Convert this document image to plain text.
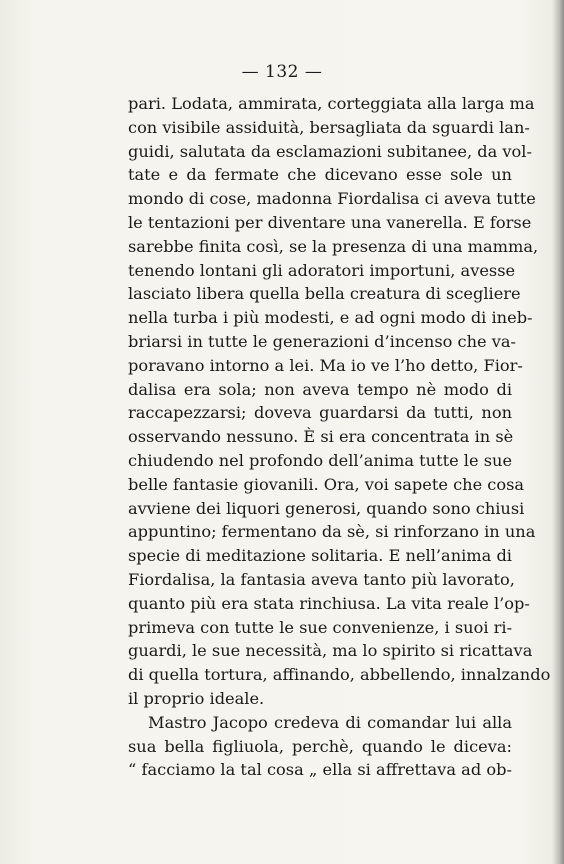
— 132 —
pari. Lodata, ammirata, corteggiata alla larga ma
con visibile assiduità, bersagliata da sguardi lan-
guidi, salutata da esclamazioni subitanee, da vol-
tate e da fermate che dicevano esse sole un
mondo di cose, madonna Fiordalisa ci aveva tutte
le tentazioni per diventare una vanerella. E forse
sarebbe finita così, se la presenza di una mamma,
tenendo lontani gli adoratori importuni, avesse
lasciato libera quella bella creatura di scegliere
nella turba i più modesti, e ad ogni modo di ineb-
briarsi in tutte le generazioni d’incenso che va-
poravano intorno a lei. Ma io ve l’ho detto, Fior-
dalisa era sola; non aveva tempo nè modo di
raccapezzarsi; doveva guardarsi da tutti, non
osservando nessuno. È si era concentrata in sè
chiudendo nel profondo dell’anima tutte le sue
belle fantasie giovanili. Ora, voi sapete che cosa
avviene dei liquori generosi, quando sono chiusi
appuntino; fermentano da sè, si rinforzano in una
specie di meditazione solitaria. E nell’anima di
Fiordalisa, la fantasia aveva tanto più lavorato,
quanto più era stata rinchiusa. La vita reale l’op-
primeva con tutte le sue convenienze, i suoi ri-
guardi, le sue necessità, ma lo spirito si ricattava
di quella tortura, affinando, abbellendo, innalzando
il proprio ideale.
Mastro Jacopo credeva di comandar lui alla
sua bella figliuola, perchè, quando le diceva:
“ facciamo la tal cosa „ ella si affrettava ad ob-
